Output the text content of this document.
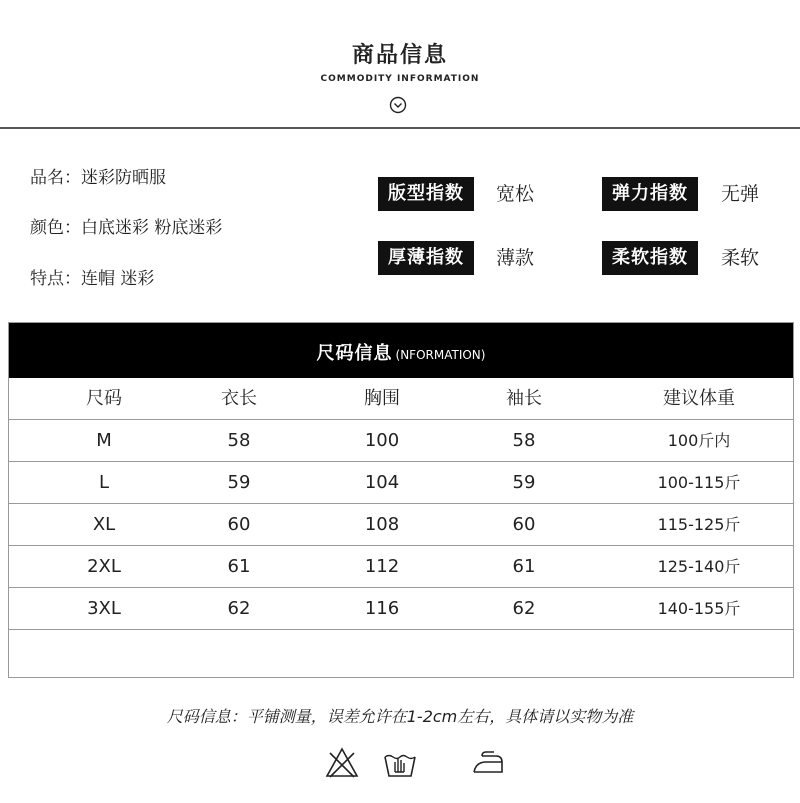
商品信息
COMMODITY INFORMATION
品名：迷彩防晒服
颜色：白底迷彩 粉底迷彩
特点：连帽 迷彩
版型指数	宽松	弹力指数	无弹
厚薄指数	薄款	柔软指数	柔软
尺码信息 (NFORMATION)
尺码	衣长	胸围	袖长	建议体重
M	58	100	58	100斤内
L	59	104	59	100-115斤
XL	60	108	60	115-125斤
2XL	61	112	61	125-140斤
3XL	62	116	62	140-155斤
尺码信息：平铺测量，误差允许在1-2cm左右，具体请以实物为准
